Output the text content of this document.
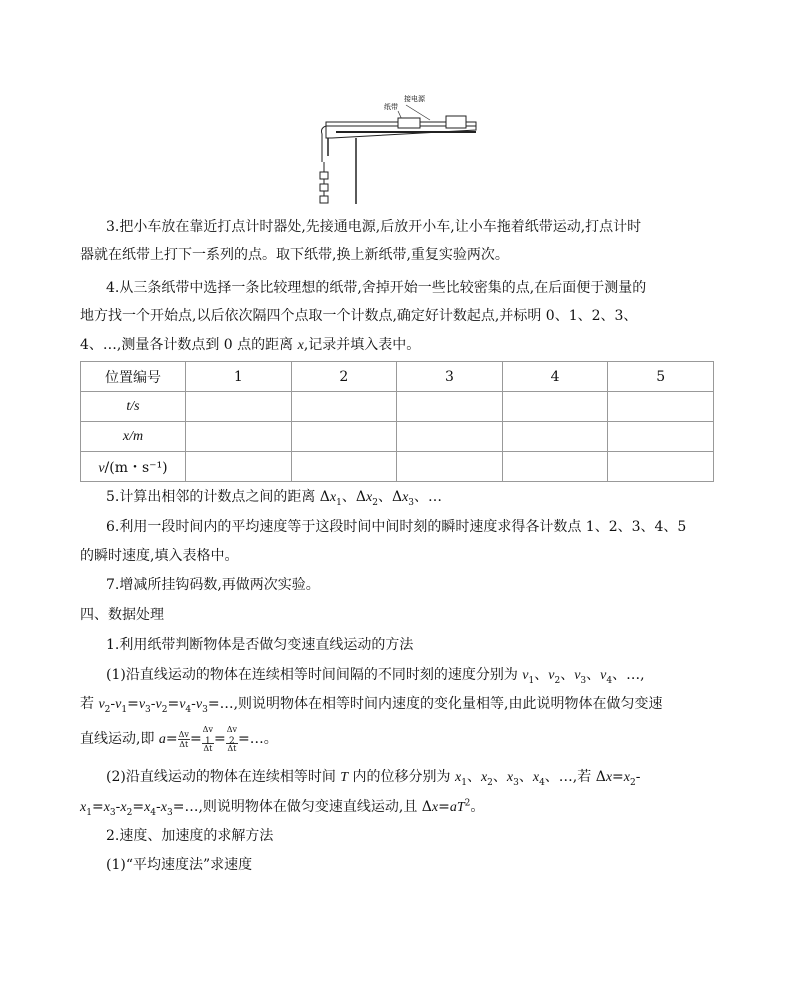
接电源
纸带
3.把小车放在靠近打点计时器处,先接通电源,后放开小车,让小车拖着纸带运动,打点计时
器就在纸带上打下一系列的点。取下纸带,换上新纸带,重复实验两次。
4.从三条纸带中选择一条比较理想的纸带,舍掉开始一些比较密集的点,在后面便于测量的
地方找一个开始点,以后依次隔四个点取一个计数点,确定好计数起点,并标明 0、1、2、3、
4、…,测量各计数点到 0 点的距离 x,记录并填入表中。
位置编号	1	2	3	4	5
t/s					
x/m					
v/(m・s⁻¹)					
5.计算出相邻的计数点之间的距离 $\Delta x_1$、$\Delta x_2$、$\Delta x_3$、…
6.利用一段时间内的平均速度等于这段时间中间时刻的瞬时速度求得各计数点 1、2、3、4、5
的瞬时速度,填入表格中。
7.增减所挂钩码数,再做两次实验。
四、数据处理
1.利用纸带判断物体是否做匀变速直线运动的方法
(1)沿直线运动的物体在连续相等时间间隔的不同时刻的速度分别为 $v_1$、$v_2$、$v_3$、$v_4$、…,
若 $v_2-v_1=v_3-v_2=v_4-v_3=\dots$,则说明物体在相等时间内速度的变化量相等,由此说明物体在做匀变速
直线运动,即 $a= \frac{\Delta v}{\Delta t} = \Delta v$
$_1$
Δt = Δv
$_2$
Δt =…。
(2)沿直线运动的物体在连续相等时间 T 内的位移分别为 $x_1$、$x_2$、$x_3$、$x_4$、…,若 $\Delta x=x_2-$
$x_1=x_3-x_2=x_4-x_3=\dots$,则说明物体在做匀变速直线运动,且 $\Delta x=aT^2$。
2.速度、加速度的求解方法
(1)“平均速度法”求速度
